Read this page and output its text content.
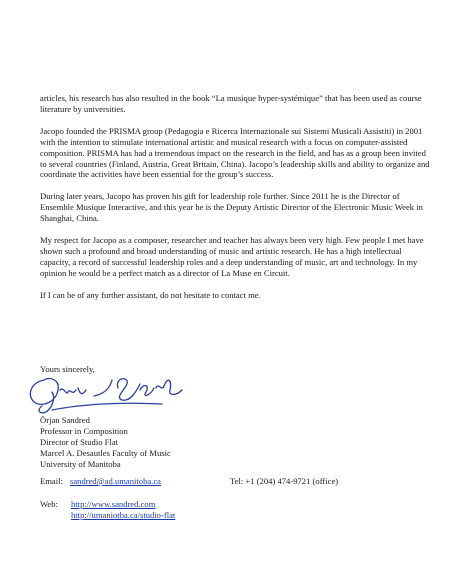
articles, his research has also resulted in the book “La musique hyper-systémique” that has been used as course literature by universities.

Jacopo founded the PRISMA group (Pedagogia e Ricerca Internazionale sui Sistemi Musicali Assistiti) in 2001 with the intention to stimulate international artistic and musical research with a focus on computer-assisted composition. PRISMA has had a tremendous impact on the research in the field, and has as a group been invited to several countries (Finland, Austria, Great Britain, China). Jacopo’s leadership skills and ability to organize and coordinate the activities have been essential for the group’s success.

During later years, Jacopo has proven his gift for leadership role further. Since 2011 he is the Director of Ensemble Musique Interactive, and this year he is the Deputy Artistic Director of the Electronic Music Week in Shanghai, China.

My respect for Jacopo as a composer, researcher and teacher has always been very high. Few people I met have shown such a profound and broad understanding of music and artistic research. He has a high intellectual capacity, a record of successful leadership roles and a deep understanding of music, art and technology. In my opinion he would be a perfect match as a director of La Muse en Circuit.

If I can be of any further assistant, do not hesitate to contact me.

Yours sincerely,
Örjan Sandred
Professor in Composition
Director of Studio Flat
Marcel A. Desautles Faculty of Music
University of Manitoba
Email: sandred@ad.umanitoba.ca	Tel: +1 (204) 474-9721 (office)
Web: http://www.sandred.com
http://umaniotba.ca/studio-flat
